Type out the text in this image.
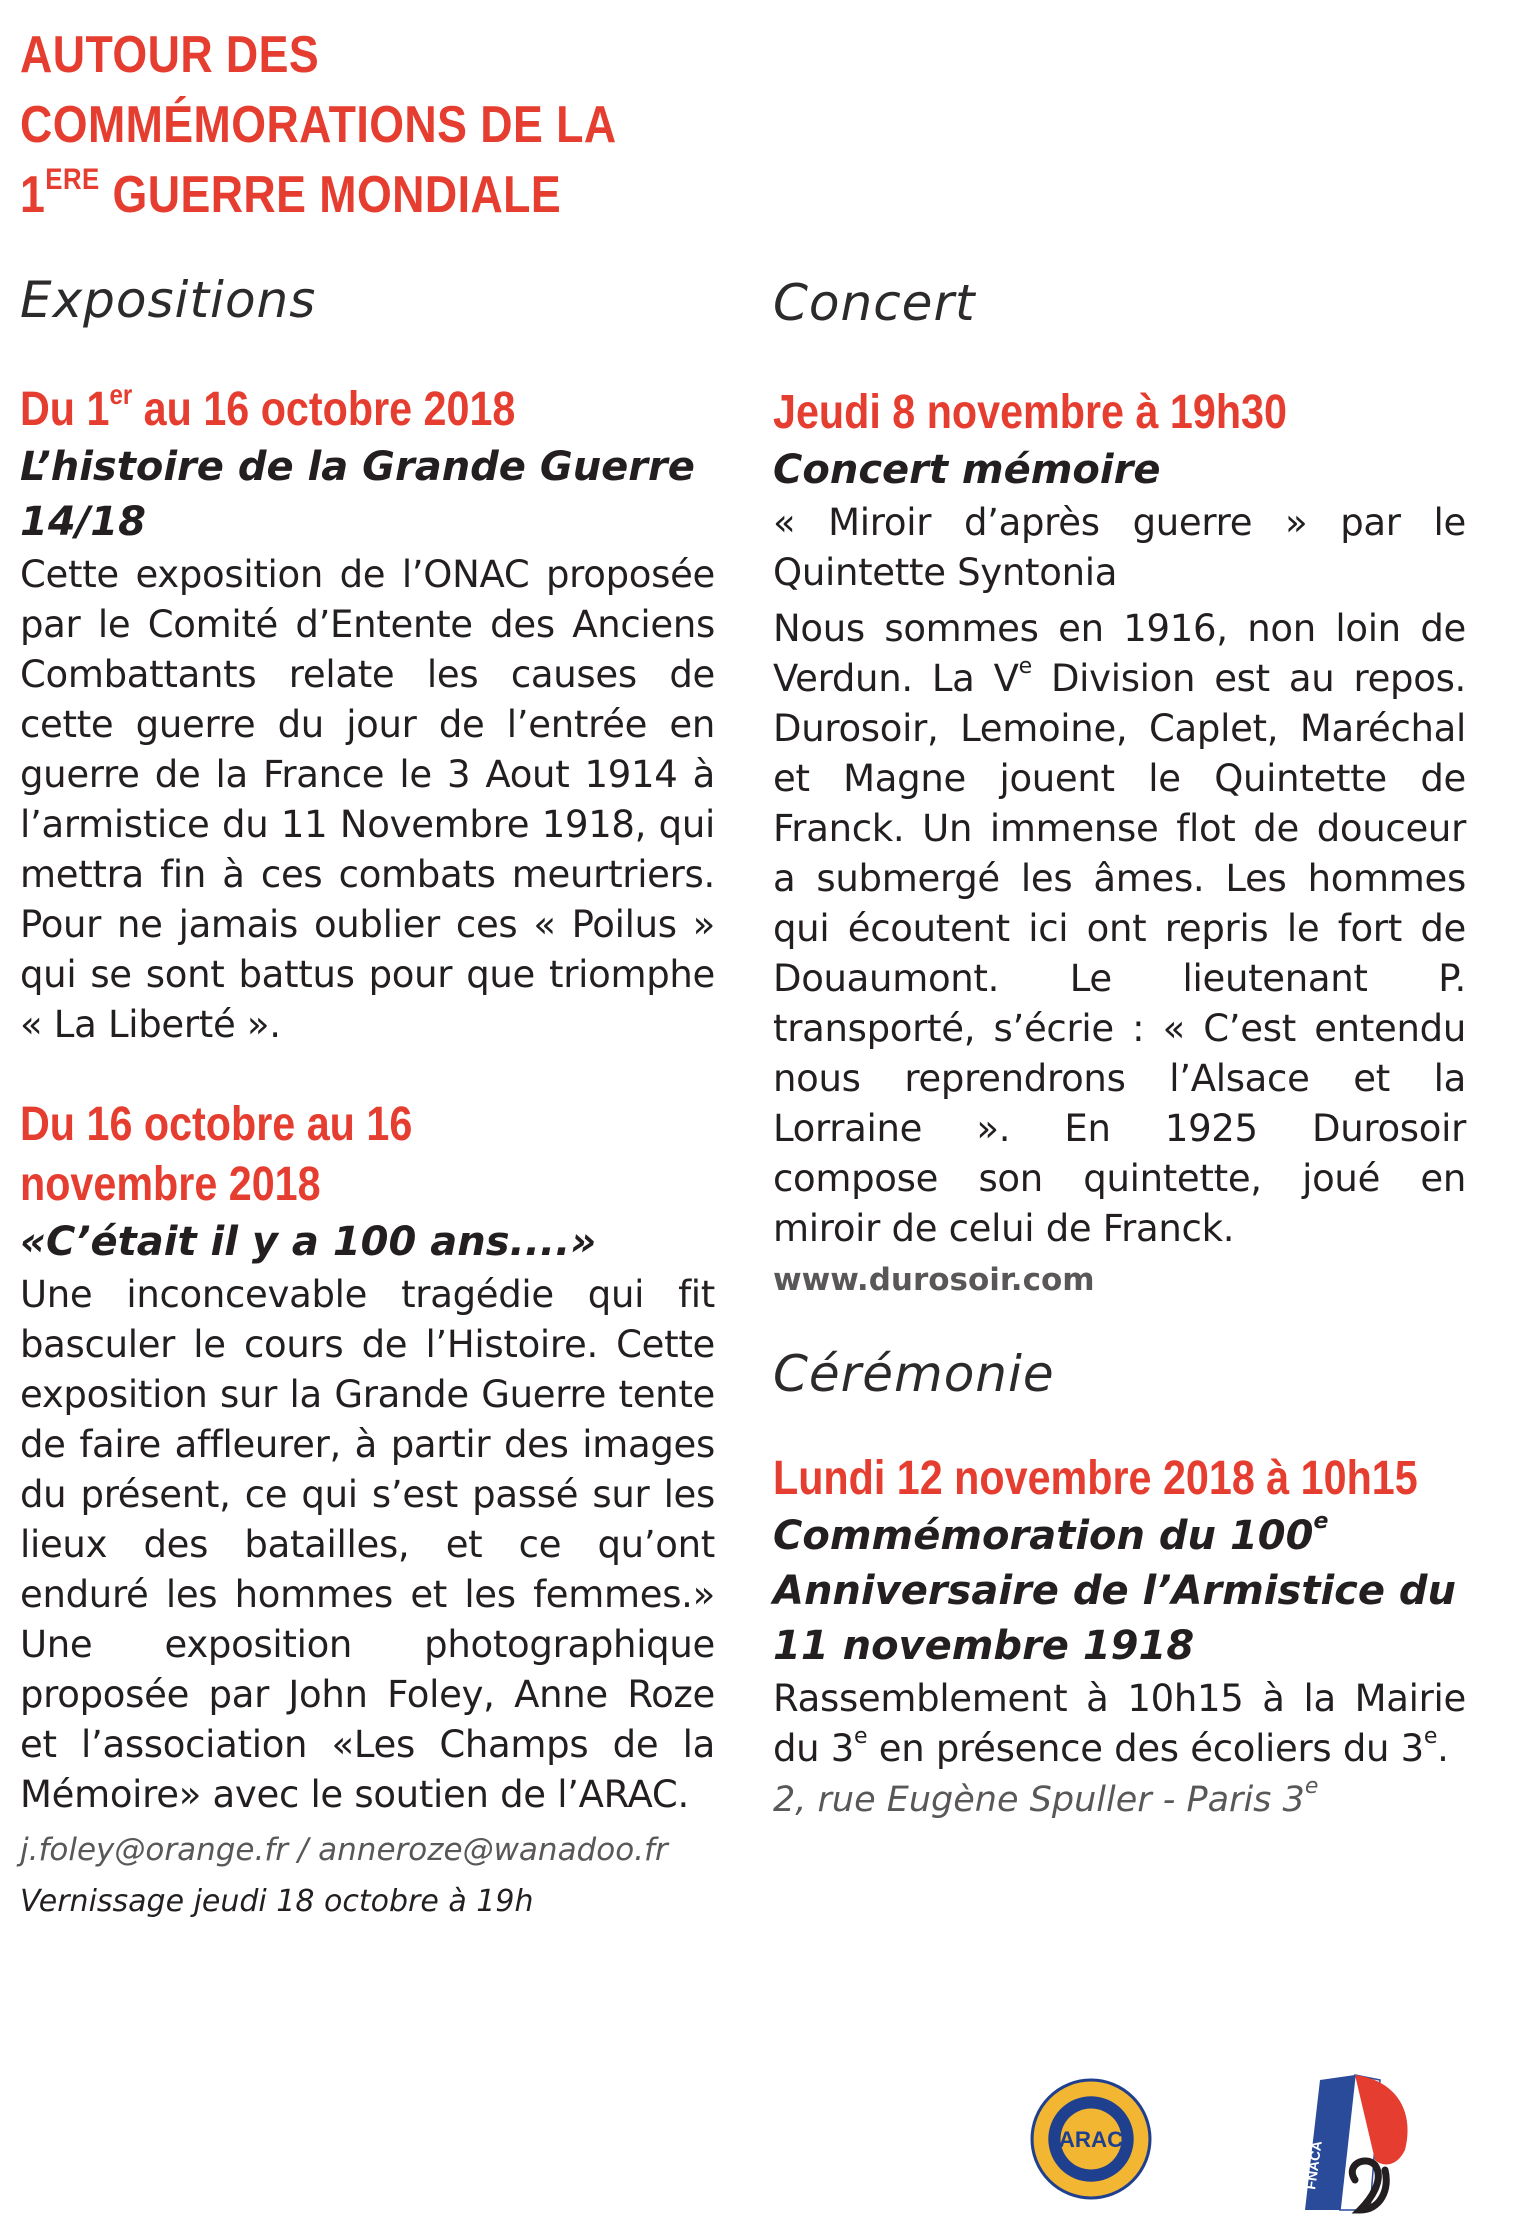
AUTOUR DES
COMMÉMORATIONS DE LA
1ERE GUERRE MONDIALE
Expositions

Du 1er au 16 octobre 2018

L’histoire de la Grande Guerre 14/18

Cette exposition de l’ONAC proposée par le Comité d’Entente des Anciens Combattants relate les causes de cette guerre du jour de l’entrée en guerre de la France le 3 Aout 1914 à l’armistice du 11 Novembre 1918, qui mettra fin à ces combats meurtriers. Pour ne jamais oublier ces « Poilus » qui se sont battus pour que triomphe « La Liberté ».

Du 16 octobre au 16 novembre 2018

«C’était il y a 100 ans....»

Une inconcevable tragédie qui fit basculer le cours de l’Histoire. Cette exposition sur la Grande Guerre tente de faire affleurer, à partir des images du présent, ce qui s’est passé sur les lieux des batailles, et ce qu’ont enduré les hommes et les femmes.» Une exposition photographique proposée par John Foley, Anne Roze et l’association «Les Champs de la Mémoire» avec le soutien de l’ARAC.

j.foley@orange.fr / anneroze@wanadoo.fr

Vernissage jeudi 18 octobre à 19h

Concert

Jeudi 8 novembre à 19h30

Concert mémoire

« Miroir d’après guerre » par le Quintette Syntonia

Nous sommes en 1916, non loin de Verdun. La Ve Division est au repos. Durosoir, Lemoine, Caplet, Maréchal et Magne jouent le Quintette de Franck. Un immense flot de douceur a submergé les âmes. Les hommes qui écoutent ici ont repris le fort de Douaumont. Le lieutenant P. transporté, s’écrie : « C’est entendu nous reprendrons l’Alsace et la Lorraine ». En 1925 Durosoir compose son quintette, joué en miroir de celui de Franck.

www.durosoir.com

Cérémonie

Lundi 12 novembre 2018 à 10h15

Commémoration du 100e Anniversaire de l’Armistice du 11 novembre 1918

Rassemblement à 10h15 à la Mairie du 3e en présence des écoliers du 3e.

2, rue Eugène Spuller - Paris 3e

ARAC
FNACA
